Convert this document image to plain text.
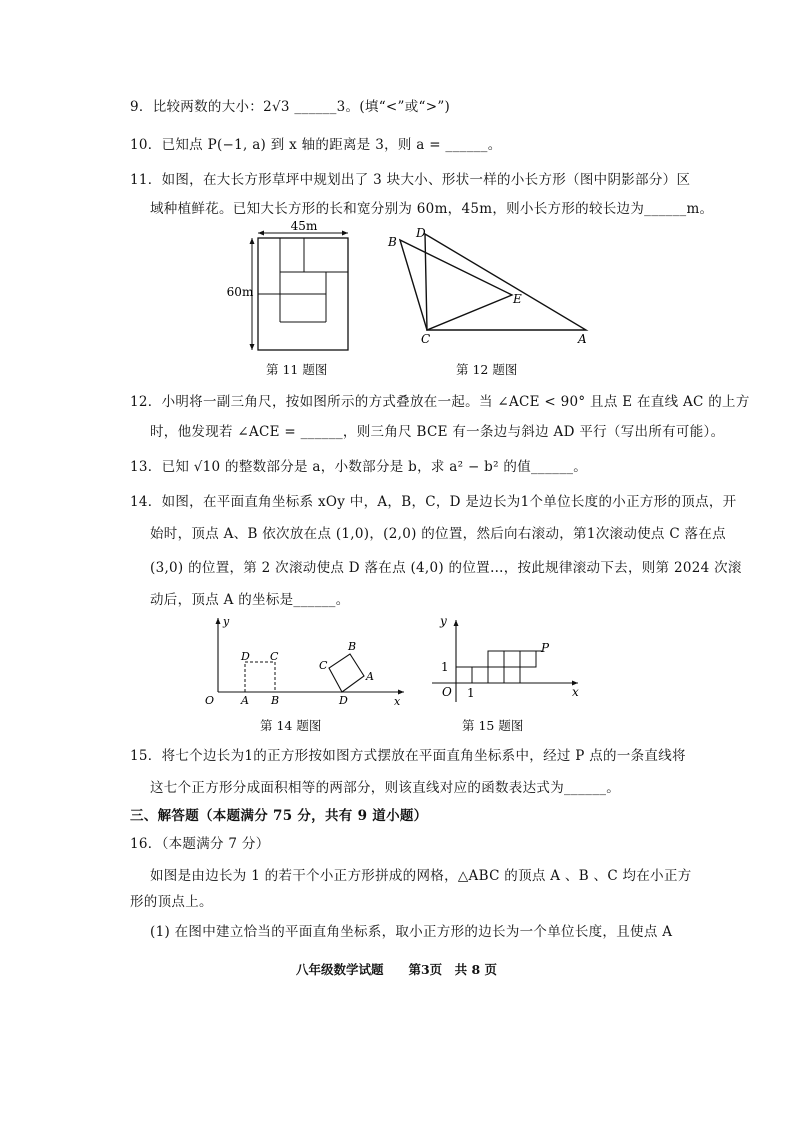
9．比较两数的大小：2√3 ______3。(填“<”或“>”)
10．已知点 P(−1, a) 到 x 轴的距离是 3，则 a = ______。
11．如图，在大长方形草坪中规划出了 3 块大小、形状一样的小长方形（图中阴影部分）区
域种植鲜花。已知大长方形的长和宽分别为 60m，45m，则小长方形的较长边为______m。
45m
60m
第 11 题图
B
D
E
C	A
第 12 题图
12．小明将一副三角尺，按如图所示的方式叠放在一起。当 ∠ACE < 90° 且点 E 在直线 AC 的上方
时，他发现若 ∠ACE = ______，则三角尺 BCE 有一条边与斜边 AD 平行（写出所有可能）。
13．已知 √10 的整数部分是 a，小数部分是 b，求 a² − b² 的值______。
14．如图，在平面直角坐标系 xOy 中，A，B，C，D 是边长为1个单位长度的小正方形的顶点，开
始时，顶点 A、B 依次放在点 (1,0)，(2,0) 的位置，然后向右滚动，第1次滚动使点 C 落在点
(3,0) 的位置，第 2 次滚动使点 D 落在点 (4,0) 的位置…，按此规律滚动下去，则第 2024 次滚
动后，顶点 A 的坐标是______。
y
x
O A B
D C
D
C
B
A
第 14 题图
y
x
O
1
1
P
第 15 题图
15．将七个边长为1的正方形按如图方式摆放在平面直角坐标系中，经过 P 点的一条直线将
这七个正方形分成面积相等的两部分，则该直线对应的函数表达式为______。
三、解答题（本题满分 75 分，共有 9 道小题）
16．（本题满分 7 分）
如图是由边长为 1 的若干个小正方形拼成的网格，△ABC 的顶点 A 、B 、C 均在小正方
形的顶点上。
(1) 在图中建立恰当的平面直角坐标系，取小正方形的边长为一个单位长度，且使点 A
八年级数学试题　　第3页　共 8 页
